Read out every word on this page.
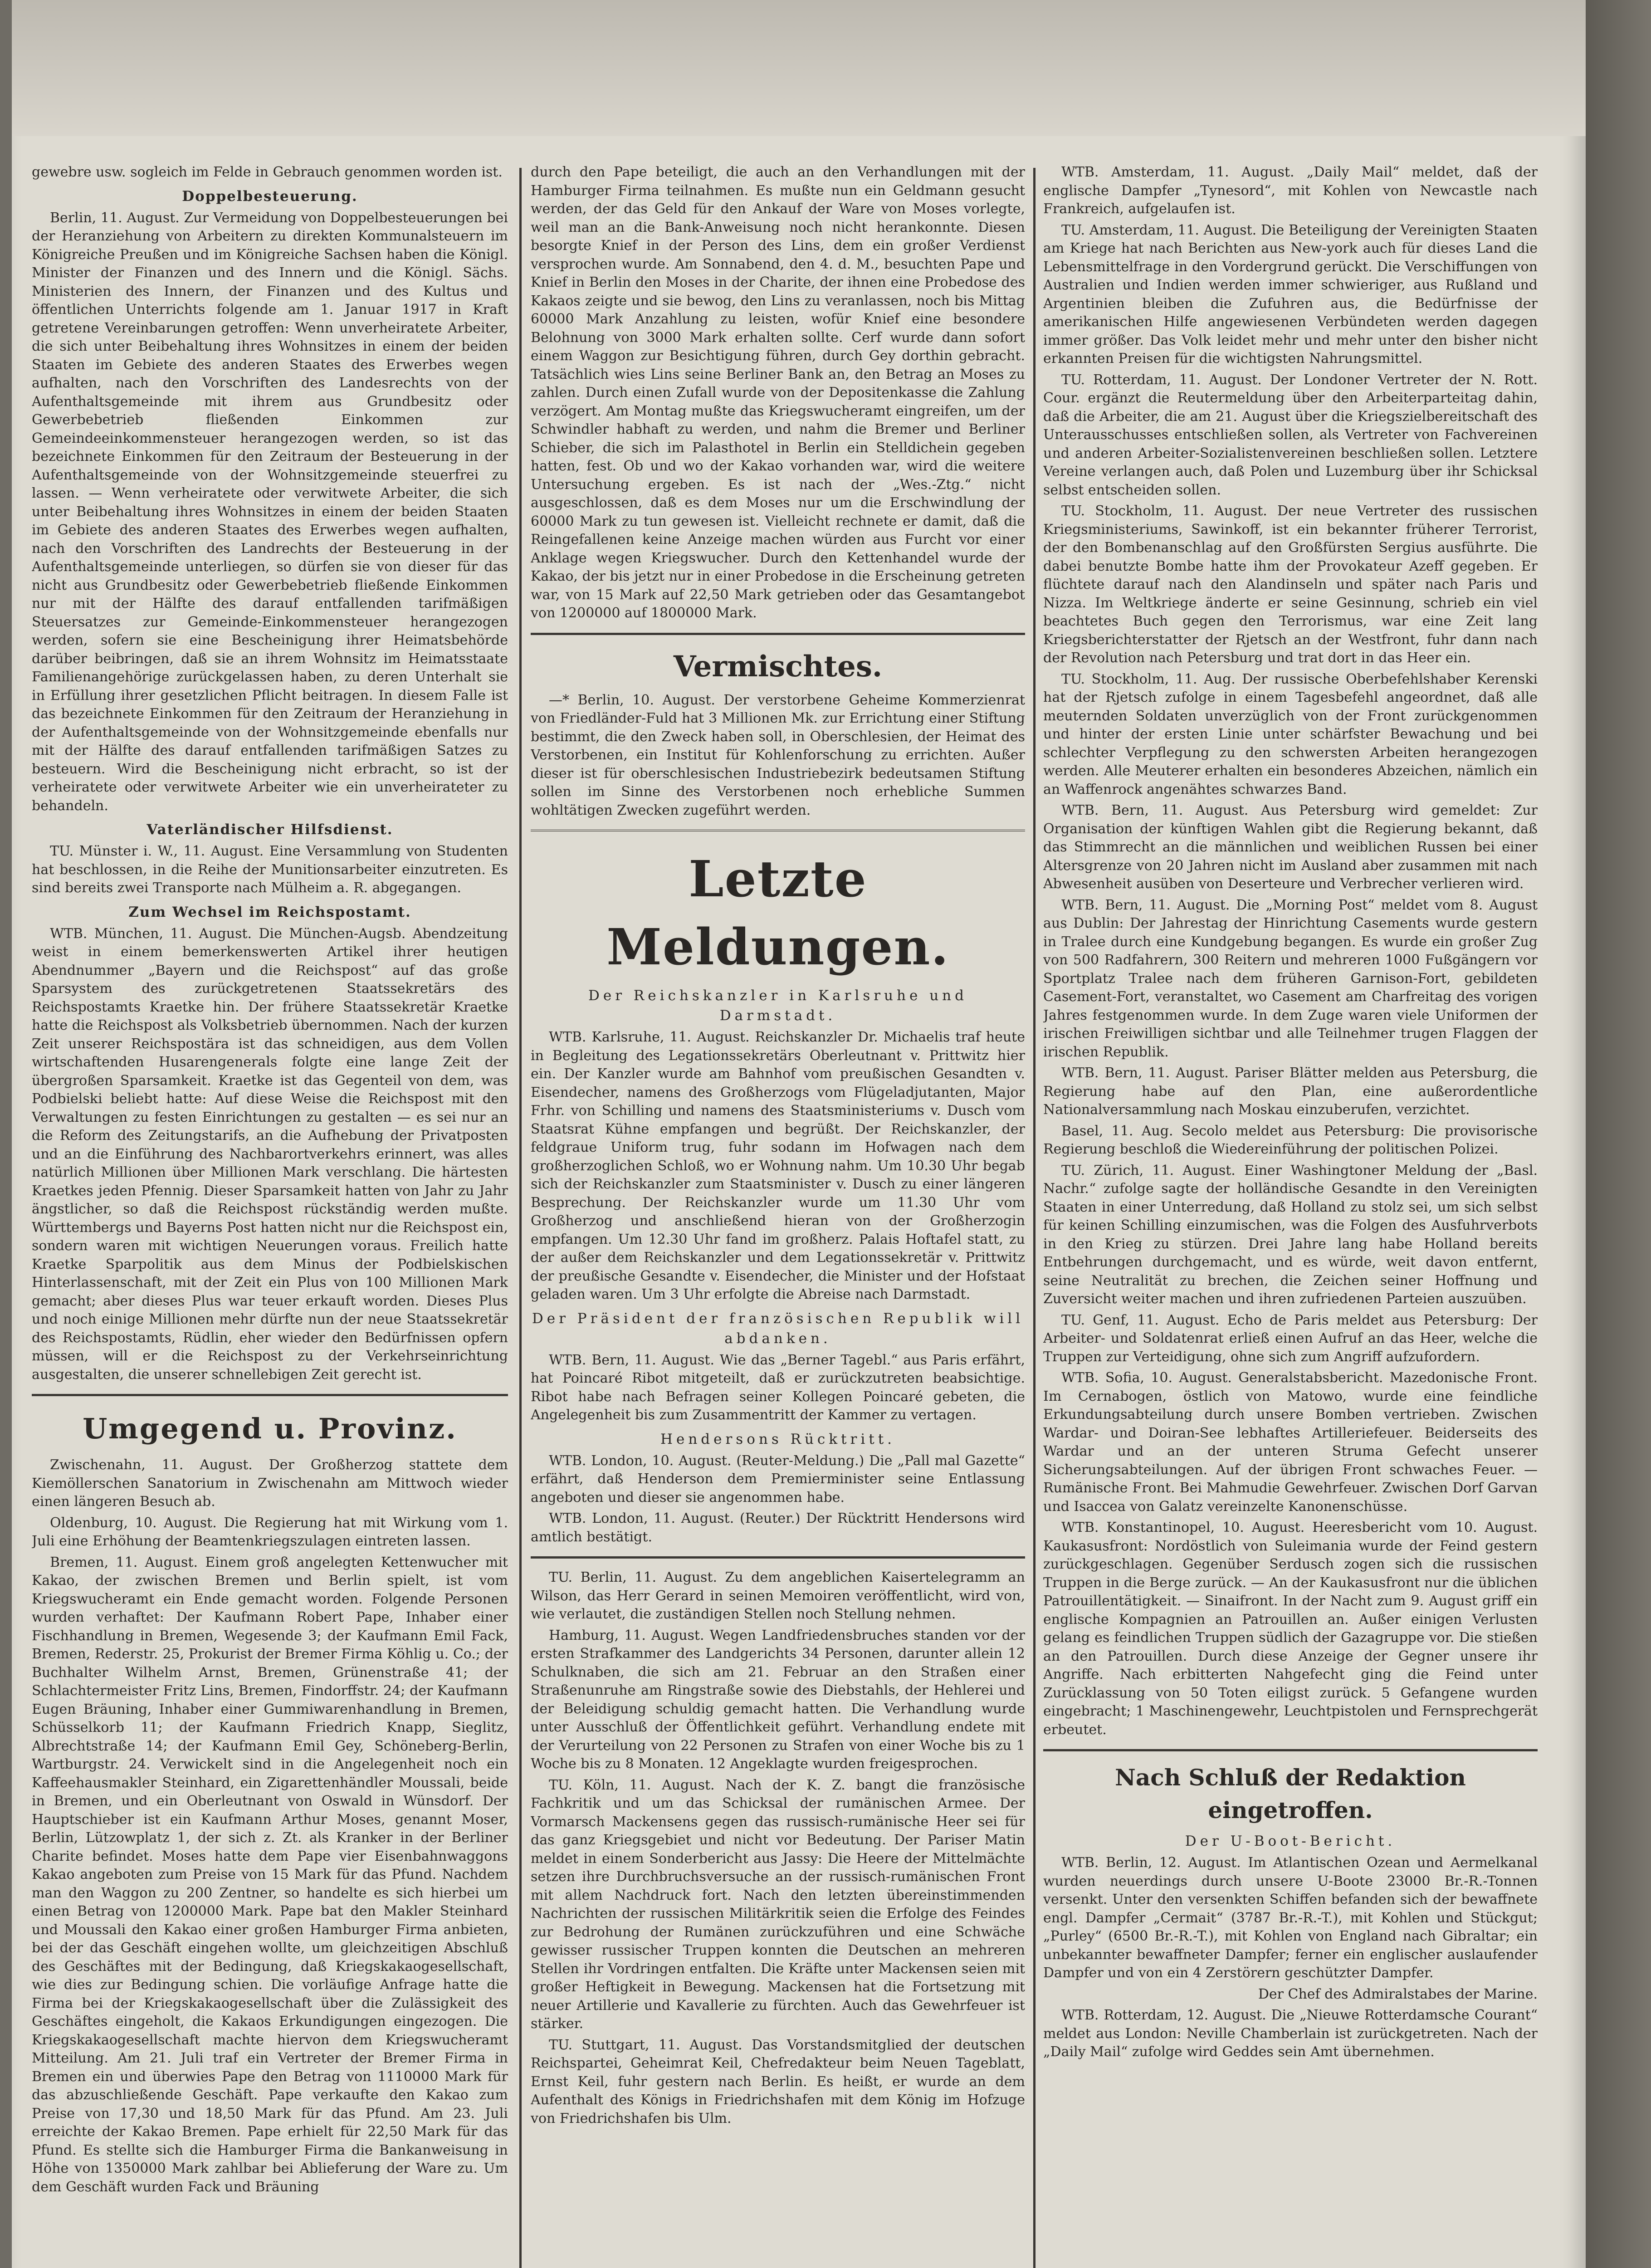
gewebre usw. sogleich im Felde in Gebrauch genommen worden ist.

Doppelbesteuerung.

Berlin, 11. August. Zur Vermeidung von Doppelbesteuerungen bei der Heranziehung von Arbeitern zu direkten Kommunalsteuern im Königreiche Preußen und im Königreiche Sachsen haben die Königl. Minister der Finanzen und des Innern und die Königl. Sächs. Ministerien des Innern, der Finanzen und des Kultus und öffentlichen Unterrichts folgende am 1. Januar 1917 in Kraft getretene Vereinbarungen getroffen: Wenn unverheiratete Arbeiter, die sich unter Beibehaltung ihres Wohnsitzes in einem der beiden Staaten im Gebiete des anderen Staates des Erwerbes wegen aufhalten, nach den Vorschriften des Landesrechts von der Aufenthaltsgemeinde mit ihrem aus Grundbesitz oder Gewerbebetrieb fließenden Einkommen zur Gemeindeeinkommensteuer herangezogen werden, so ist das bezeichnete Einkommen für den Zeitraum der Besteuerung in der Aufenthaltsgemeinde von der Wohnsitzgemeinde steuerfrei zu lassen. — Wenn verheiratete oder verwitwete Arbeiter, die sich unter Beibehaltung ihres Wohnsitzes in einem der beiden Staaten im Gebiete des anderen Staates des Erwerbes wegen aufhalten, nach den Vorschriften des Landrechts der Besteuerung in der Aufenthaltsgemeinde unterliegen, so dürfen sie von dieser für das nicht aus Grundbesitz oder Gewerbebetrieb fließende Einkommen nur mit der Hälfte des darauf entfallenden tarifmäßigen Steuersatzes zur Gemeinde-Einkommensteuer herangezogen werden, sofern sie eine Bescheinigung ihrer Heimatsbehörde darüber beibringen, daß sie an ihrem Wohnsitz im Heimatsstaate Familienangehörige zurückgelassen haben, zu deren Unterhalt sie in Erfüllung ihrer gesetzlichen Pflicht beitragen. In diesem Falle ist das bezeichnete Einkommen für den Zeitraum der Heranziehung in der Aufenthaltsgemeinde von der Wohnsitzgemeinde ebenfalls nur mit der Hälfte des darauf entfallenden tarifmäßigen Satzes zu besteuern. Wird die Bescheinigung nicht erbracht, so ist der verheiratete oder verwitwete Arbeiter wie ein unverheirateter zu behandeln.

Vaterländischer Hilfsdienst.

TU. Münster i. W., 11. August. Eine Versammlung von Studenten hat beschlossen, in die Reihe der Munitionsarbeiter einzutreten. Es sind bereits zwei Transporte nach Mülheim a. R. abgegangen.

Zum Wechsel im Reichspostamt.

WTB. München, 11. August. Die München-Augsb. Abendzeitung weist in einem bemerkenswerten Artikel ihrer heutigen Abendnummer „Bayern und die Reichspost“ auf das große Sparsystem des zurückgetretenen Staatssekretärs des Reichspostamts Kraetke hin. Der frühere Staatssekretär Kraetke hatte die Reichspost als Volksbetrieb übernommen. Nach der kurzen Zeit unserer Reichspostära ist das schneidigen, aus dem Vollen wirtschaftenden Husarengenerals folgte eine lange Zeit der übergroßen Sparsamkeit. Kraetke ist das Gegenteil von dem, was Podbielski beliebt hatte: Auf diese Weise die Reichspost mit den Verwaltungen zu festen Einrichtungen zu gestalten — es sei nur an die Reform des Zeitungstarifs, an die Aufhebung der Privatposten und an die Einführung des Nachbarortverkehrs erinnert, was alles natürlich Millionen über Millionen Mark verschlang. Die härtesten Kraetkes jeden Pfennig. Dieser Sparsamkeit hatten von Jahr zu Jahr ängstlicher, so daß die Reichspost rückständig werden mußte. Württembergs und Bayerns Post hatten nicht nur die Reichspost ein, sondern waren mit wichtigen Neuerungen voraus. Freilich hatte Kraetke Sparpolitik aus dem Minus der Podbielskischen Hinterlassenschaft, mit der Zeit ein Plus von 100 Millionen Mark gemacht; aber dieses Plus war teuer erkauft worden. Dieses Plus und noch einige Millionen mehr dürfte nun der neue Staatssekretär des Reichspostamts, Rüdlin, eher wieder den Bedürfnissen opfern müssen, will er die Reichspost zu der Verkehrseinrichtung ausgestalten, die unserer schnellebigen Zeit gerecht ist.

Umgegend u. Provinz.

Zwischenahn, 11. August. Der Großherzog stattete dem Kiemöllerschen Sanatorium in Zwischenahn am Mittwoch wieder einen längeren Besuch ab.

Oldenburg, 10. August. Die Regierung hat mit Wirkung vom 1. Juli eine Erhöhung der Beamtenkriegszulagen eintreten lassen.

Bremen, 11. August. Einem groß angelegten Kettenwucher mit Kakao, der zwischen Bremen und Berlin spielt, ist vom Kriegswucheramt ein Ende gemacht worden. Folgende Personen wurden verhaftet: Der Kaufmann Robert Pape, Inhaber einer Fischhandlung in Bremen, Wegesende 3; der Kaufmann Emil Fack, Bremen, Rederstr. 25, Prokurist der Bremer Firma Köhlig u. Co.; der Buchhalter Wilhelm Arnst, Bremen, Grünenstraße 41; der Schlachtermeister Fritz Lins, Bremen, Findorffstr. 24; der Kaufmann Eugen Bräuning, Inhaber einer Gummiwarenhandlung in Bremen, Schüsselkorb 11; der Kaufmann Friedrich Knapp, Sieglitz, Albrechtstraße 14; der Kaufmann Emil Gey, Schöneberg-Berlin, Wartburgstr. 24. Verwickelt sind in die Angelegenheit noch ein Kaffeehausmakler Steinhard, ein Zigarettenhändler Moussali, beide in Bremen, und ein Oberleutnant von Oswald in Wünsdorf. Der Hauptschieber ist ein Kaufmann Arthur Moses, genannt Moser, Berlin, Lützowplatz 1, der sich z. Zt. als Kranker in der Berliner Charite befindet. Moses hatte dem Pape vier Eisenbahnwaggons Kakao angeboten zum Preise von 15 Mark für das Pfund. Nachdem man den Waggon zu 200 Zentner, so handelte es sich hierbei um einen Betrag von 1200000 Mark. Pape bat den Makler Steinhard und Moussali den Kakao einer großen Hamburger Firma anbieten, bei der das Geschäft eingehen wollte, um gleichzeitigen Abschluß des Geschäftes mit der Bedingung, daß Kriegskakaogesellschaft, wie dies zur Bedingung schien. Die vorläufige Anfrage hatte die Firma bei der Kriegskakaogesellschaft über die Zulässigkeit des Geschäftes eingeholt, die Kakaos Erkundigungen eingezogen. Die Kriegskakaogesellschaft machte hiervon dem Kriegswucheramt Mitteilung. Am 21. Juli traf ein Vertreter der Bremer Firma in Bremen ein und überwies Pape den Betrag von 1110000 Mark für das abzuschließende Geschäft. Pape verkaufte den Kakao zum Preise von 17,30 und 18,50 Mark für das Pfund. Am 23. Juli erreichte der Kakao Bremen. Pape erhielt für 22,50 Mark für das Pfund. Es stellte sich die Hamburger Firma die Bankanweisung in Höhe von 1350000 Mark zahlbar bei Ablieferung der Ware zu. Um dem Geschäft wurden Fack und Bräuning

durch den Pape beteiligt, die auch an den Verhandlungen mit der Hamburger Firma teilnahmen. Es mußte nun ein Geldmann gesucht werden, der das Geld für den Ankauf der Ware von Moses vorlegte, weil man an die Bank-Anweisung noch nicht herankonnte. Diesen besorgte Knief in der Person des Lins, dem ein großer Verdienst versprochen wurde. Am Sonnabend, den 4. d. M., besuchten Pape und Knief in Berlin den Moses in der Charite, der ihnen eine Probedose des Kakaos zeigte und sie bewog, den Lins zu veranlassen, noch bis Mittag 60000 Mark Anzahlung zu leisten, wofür Knief eine besondere Belohnung von 3000 Mark erhalten sollte. Cerf wurde dann sofort einem Waggon zur Besichtigung führen, durch Gey dorthin gebracht. Tatsächlich wies Lins seine Berliner Bank an, den Betrag an Moses zu zahlen. Durch einen Zufall wurde von der Depositenkasse die Zahlung verzögert. Am Montag mußte das Kriegswucheramt eingreifen, um der Schwindler habhaft zu werden, und nahm die Bremer und Berliner Schieber, die sich im Palasthotel in Berlin ein Stelldichein gegeben hatten, fest. Ob und wo der Kakao vorhanden war, wird die weitere Untersuchung ergeben. Es ist nach der „Wes.-Ztg.“ nicht ausgeschlossen, daß es dem Moses nur um die Erschwindlung der 60000 Mark zu tun gewesen ist. Vielleicht rechnete er damit, daß die Reingefallenen keine Anzeige machen würden aus Furcht vor einer Anklage wegen Kriegswucher. Durch den Kettenhandel wurde der Kakao, der bis jetzt nur in einer Probedose in die Erscheinung getreten war, von 15 Mark auf 22,50 Mark getrieben oder das Gesamtangebot von 1200000 auf 1800000 Mark.

Vermischtes.

—* Berlin, 10. August. Der verstorbene Geheime Kommerzienrat von Friedländer-Fuld hat 3 Millionen Mk. zur Errichtung einer Stiftung bestimmt, die den Zweck haben soll, in Oberschlesien, der Heimat des Verstorbenen, ein Institut für Kohlenforschung zu errichten. Außer dieser ist für oberschlesischen Industriebezirk bedeutsamen Stiftung sollen im Sinne des Verstorbenen noch erhebliche Summen wohltätigen Zwecken zugeführt werden.

Letzte Meldungen.
Der Reichskanzler in Karlsruhe und Darmstadt.

WTB. Karlsruhe, 11. August. Reichskanzler Dr. Michaelis traf heute in Begleitung des Legationssekretärs Oberleutnant v. Prittwitz hier ein. Der Kanzler wurde am Bahnhof vom preußischen Gesandten v. Eisendecher, namens des Großherzogs vom Flügeladjutanten, Major Frhr. von Schilling und namens des Staatsministeriums v. Dusch vom Staatsrat Kühne empfangen und begrüßt. Der Reichskanzler, der feldgraue Uniform trug, fuhr sodann im Hofwagen nach dem großherzoglichen Schloß, wo er Wohnung nahm. Um 10.30 Uhr begab sich der Reichskanzler zum Staatsminister v. Dusch zu einer längeren Besprechung. Der Reichskanzler wurde um 11.30 Uhr vom Großherzog und anschließend hieran von der Großherzogin empfangen. Um 12.30 Uhr fand im großherz. Palais Hoftafel statt, zu der außer dem Reichskanzler und dem Legationssekretär v. Prittwitz der preußische Gesandte v. Eisendecher, die Minister und der Hofstaat geladen waren. Um 3 Uhr erfolgte die Abreise nach Darmstadt.

Der Präsident der französischen Republik will abdanken.

WTB. Bern, 11. August. Wie das „Berner Tagebl.“ aus Paris erfährt, hat Poincaré Ribot mitgeteilt, daß er zurückzutreten beabsichtige. Ribot habe nach Befragen seiner Kollegen Poincaré gebeten, die Angelegenheit bis zum Zusammentritt der Kammer zu vertagen.

Hendersons Rücktritt.

WTB. London, 10. August. (Reuter-Meldung.) Die „Pall mal Gazette“ erfährt, daß Henderson dem Premierminister seine Entlassung angeboten und dieser sie angenommen habe.

WTB. London, 11. August. (Reuter.) Der Rücktritt Hendersons wird amtlich bestätigt.

TU. Berlin, 11. August. Zu dem angeblichen Kaisertelegramm an Wilson, das Herr Gerard in seinen Memoiren veröffentlicht, wird von, wie verlautet, die zuständigen Stellen noch Stellung nehmen.

Hamburg, 11. August. Wegen Landfriedensbruches standen vor der ersten Strafkammer des Landgerichts 34 Personen, darunter allein 12 Schulknaben, die sich am 21. Februar an den Straßen einer Straßenunruhe am Ringstraße sowie des Diebstahls, der Hehlerei und der Beleidigung schuldig gemacht hatten. Die Verhandlung wurde unter Ausschluß der Öffentlichkeit geführt. Verhandlung endete mit der Verurteilung von 22 Personen zu Strafen von einer Woche bis zu 1 Woche bis zu 8 Monaten. 12 Angeklagte wurden freigesprochen.

TU. Köln, 11. August. Nach der K. Z. bangt die französische Fachkritik und um das Schicksal der rumänischen Armee. Der Vormarsch Mackensens gegen das russisch-rumänische Heer sei für das ganz Kriegsgebiet und nicht vor Bedeutung. Der Pariser Matin meldet in einem Sonderbericht aus Jassy: Die Heere der Mittelmächte setzen ihre Durchbruchsversuche an der russisch-rumänischen Front mit allem Nachdruck fort. Nach den letzten übereinstimmenden Nachrichten der russischen Militärkritik seien die Erfolge des Feindes zur Bedrohung der Rumänen zurückzuführen und eine Schwäche gewisser russischer Truppen konnten die Deutschen an mehreren Stellen ihr Vordringen entfalten. Die Kräfte unter Mackensen seien mit großer Heftigkeit in Bewegung. Mackensen hat die Fortsetzung mit neuer Artillerie und Kavallerie zu fürchten. Auch das Gewehrfeuer ist stärker.

TU. Stuttgart, 11. August. Das Vorstandsmitglied der deutschen Reichspartei, Geheimrat Keil, Chefredakteur beim Neuen Tageblatt, Ernst Keil, fuhr gestern nach Berlin. Es heißt, er wurde an dem Aufenthalt des Königs in Friedrichshafen mit dem König im Hofzuge von Friedrichshafen bis Ulm.

WTB. Amsterdam, 11. August. „Daily Mail“ meldet, daß der englische Dampfer „Tynesord“, mit Kohlen von Newcastle nach Frankreich, aufgelaufen ist.

TU. Amsterdam, 11. August. Die Beteiligung der Vereinigten Staaten am Kriege hat nach Berichten aus New-york auch für dieses Land die Lebensmittelfrage in den Vordergrund gerückt. Die Verschiffungen von Australien und Indien werden immer schwieriger, aus Rußland und Argentinien bleiben die Zufuhren aus, die Bedürfnisse der amerikanischen Hilfe angewiesenen Verbündeten werden dagegen immer größer. Das Volk leidet mehr und mehr unter den bisher nicht erkannten Preisen für die wichtigsten Nahrungsmittel.

TU. Rotterdam, 11. August. Der Londoner Vertreter der N. Rott. Cour. ergänzt die Reutermeldung über den Arbeiterparteitag dahin, daß die Arbeiter, die am 21. August über die Kriegszielbereitschaft des Unterausschusses entschließen sollen, als Vertreter von Fachvereinen und anderen Arbeiter-Sozialistenvereinen beschließen sollen. Letztere Vereine verlangen auch, daß Polen und Luzemburg über ihr Schicksal selbst entscheiden sollen.

TU. Stockholm, 11. August. Der neue Vertreter des russischen Kriegsministeriums, Sawinkoff, ist ein bekannter früherer Terrorist, der den Bombenanschlag auf den Großfürsten Sergius ausführte. Die dabei benutzte Bombe hatte ihm der Provokateur Azeff gegeben. Er flüchtete darauf nach den Alandinseln und später nach Paris und Nizza. Im Weltkriege änderte er seine Gesinnung, schrieb ein viel beachtetes Buch gegen den Terrorismus, war eine Zeit lang Kriegsberichterstatter der Rjetsch an der Westfront, fuhr dann nach der Revolution nach Petersburg und trat dort in das Heer ein.

TU. Stockholm, 11. Aug. Der russische Oberbefehlshaber Kerenski hat der Rjetsch zufolge in einem Tagesbefehl angeordnet, daß alle meuternden Soldaten unverzüglich von der Front zurückgenommen und hinter der ersten Linie unter schärfster Bewachung und bei schlechter Verpflegung zu den schwersten Arbeiten herangezogen werden. Alle Meuterer erhalten ein besonderes Abzeichen, nämlich ein an Waffenrock angenähtes schwarzes Band.

WTB. Bern, 11. August. Aus Petersburg wird gemeldet: Zur Organisation der künftigen Wahlen gibt die Regierung bekannt, daß das Stimmrecht an die männlichen und weiblichen Russen bei einer Altersgrenze von 20 Jahren nicht im Ausland aber zusammen mit nach Abwesenheit ausüben von Deserteure und Verbrecher verlieren wird.

WTB. Bern, 11. August. Die „Morning Post“ meldet vom 8. August aus Dublin: Der Jahrestag der Hinrichtung Casements wurde gestern in Tralee durch eine Kundgebung begangen. Es wurde ein großer Zug von 500 Radfahrern, 300 Reitern und mehreren 1000 Fußgängern vor Sportplatz Tralee nach dem früheren Garnison-Fort, gebildeten Casement-Fort, veranstaltet, wo Casement am Charfreitag des vorigen Jahres festgenommen wurde. In dem Zuge waren viele Uniformen der irischen Freiwilligen sichtbar und alle Teilnehmer trugen Flaggen der irischen Republik.

WTB. Bern, 11. August. Pariser Blätter melden aus Petersburg, die Regierung habe auf den Plan, eine außerordentliche Nationalversammlung nach Moskau einzuberufen, verzichtet.

Basel, 11. Aug. Secolo meldet aus Petersburg: Die provisorische Regierung beschloß die Wiedereinführung der politischen Polizei.

TU. Zürich, 11. August. Einer Washingtoner Meldung der „Basl. Nachr.“ zufolge sagte der holländische Gesandte in den Vereinigten Staaten in einer Unterredung, daß Holland zu stolz sei, um sich selbst für keinen Schilling einzumischen, was die Folgen des Ausfuhrverbots in den Krieg zu stürzen. Drei Jahre lang habe Holland bereits Entbehrungen durchgemacht, und es würde, weit davon entfernt, seine Neutralität zu brechen, die Zeichen seiner Hoffnung und Zuversicht weiter machen und ihren zufriedenen Parteien auszuüben.

TU. Genf, 11. August. Echo de Paris meldet aus Petersburg: Der Arbeiter- und Soldatenrat erließ einen Aufruf an das Heer, welche die Truppen zur Verteidigung, ohne sich zum Angriff aufzufordern.

WTB. Sofia, 10. August. Generalstabsbericht. Mazedonische Front. Im Cernabogen, östlich von Matowo, wurde eine feindliche Erkundungsabteilung durch unsere Bomben vertrieben. Zwischen Wardar- und Doiran-See lebhaftes Artilleriefeuer. Beiderseits des Wardar und an der unteren Struma Gefecht unserer Sicherungsabteilungen. Auf der übrigen Front schwaches Feuer. — Rumänische Front. Bei Mahmudie Gewehrfeuer. Zwischen Dorf Garvan und Isaccea von Galatz vereinzelte Kanonenschüsse.

WTB. Konstantinopel, 10. August. Heeresbericht vom 10. August. Kaukasusfront: Nordöstlich von Suleimania wurde der Feind gestern zurückgeschlagen. Gegenüber Serdusch zogen sich die russischen Truppen in die Berge zurück. — An der Kaukasusfront nur die üblichen Patrouillentätigkeit. — Sinaifront. In der Nacht zum 9. August griff ein englische Kompagnien an Patrouillen an. Außer einigen Verlusten gelang es feindlichen Truppen südlich der Gazagruppe vor. Die stießen an den Patrouillen. Durch diese Anzeige der Gegner unsere ihr Angriffe. Nach erbitterten Nahgefecht ging die Feind unter Zurücklassung von 50 Toten eiligst zurück. 5 Gefangene wurden eingebracht; 1 Maschinengewehr, Leuchtpistolen und Fernsprechgerät erbeutet.

Nach Schluß der Redaktion eingetroffen.
Der U-Boot-Bericht.

WTB. Berlin, 12. August. Im Atlantischen Ozean und Aermelkanal wurden neuerdings durch unsere U-Boote 23000 Br.-R.-Tonnen versenkt. Unter den versenkten Schiffen befanden sich der bewaffnete engl. Dampfer „Cermait“ (3787 Br.-R.-T.), mit Kohlen und Stückgut; „Purley“ (6500 Br.-R.-T.), mit Kohlen von England nach Gibraltar; ein unbekannter bewaffneter Dampfer; ferner ein englischer auslaufender Dampfer und von ein 4 Zerstörern geschützter Dampfer.

Der Chef des Admiralstabes der Marine.

WTB. Rotterdam, 12. August. Die „Nieuwe Rotterdamsche Courant“ meldet aus London: Neville Chamberlain ist zurückgetreten. Nach der „Daily Mail“ zufolge wird Geddes sein Amt übernehmen.
